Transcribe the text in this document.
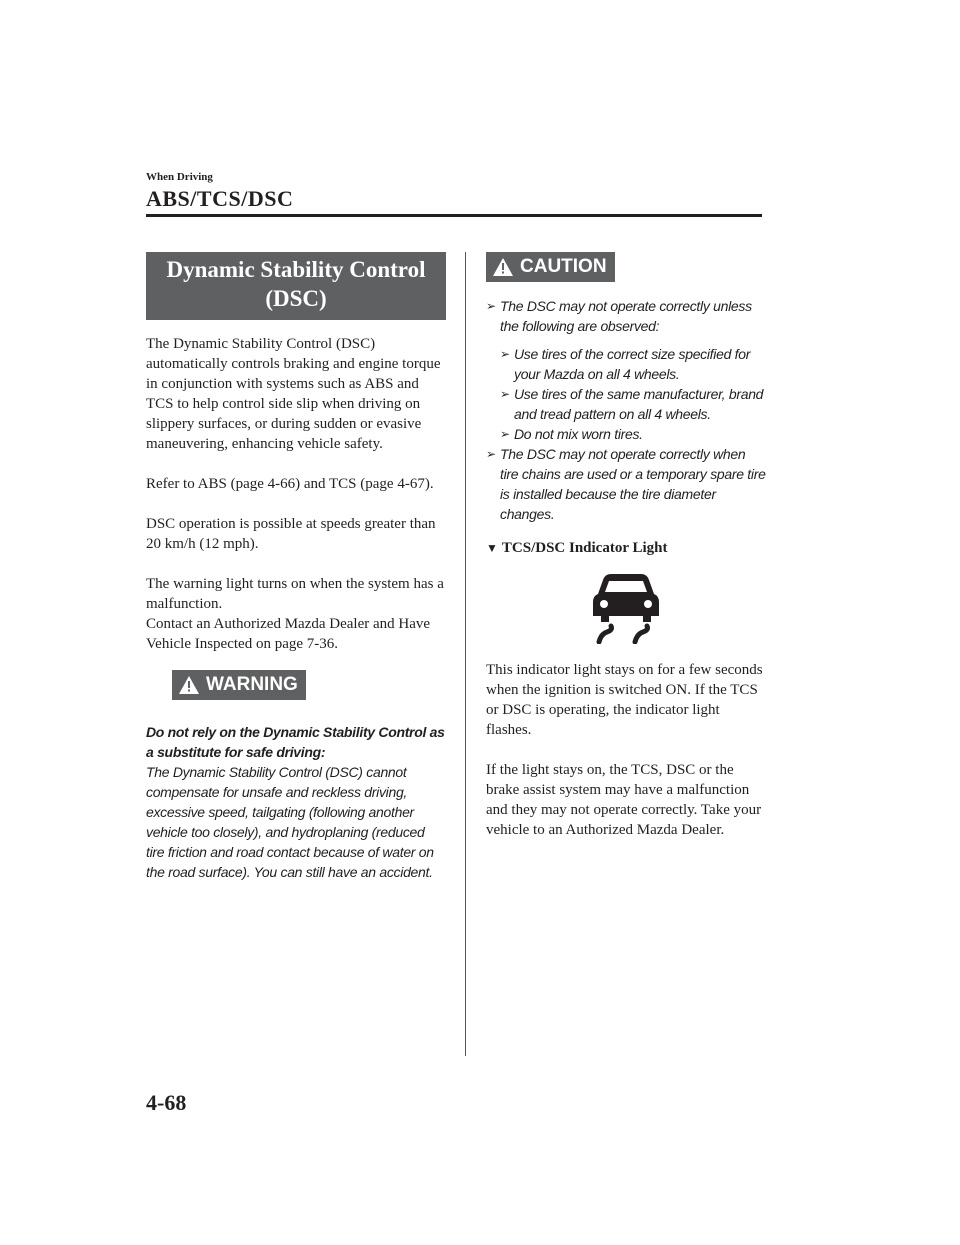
When Driving
ABS/TCS/DSC
Dynamic Stability Control (DSC)

The Dynamic Stability Control (DSC) automatically controls braking and engine torque in conjunction with systems such as ABS and TCS to help control side slip when driving on slippery surfaces, or during sudden or evasive maneuvering, enhancing vehicle safety.

Refer to ABS (page 4-66) and TCS (page 4-67).

DSC operation is possible at speeds greater than 20 km/h (12 mph).

The warning light turns on when the system has a malfunction.

Contact an Authorized Mazda Dealer and Have Vehicle Inspected on page 7-36.

WARNING
Do not rely on the Dynamic Stability Control as a substitute for safe driving:
The Dynamic Stability Control (DSC) cannot compensate for unsafe and reckless driving, excessive speed, tailgating (following another vehicle too closely), and hydroplaning (reduced tire friction and road contact because of water on the road surface). You can still have an accident.
CAUTION
➢ The DSC may not operate correctly unless the following are observed:
➢ Use tires of the correct size specified for your Mazda on all 4 wheels.
➢ Use tires of the same manufacturer, brand and tread pattern on all 4 wheels.
➢ Do not mix worn tires.
➢ The DSC may not operate correctly when tire chains are used or a temporary spare tire is installed because the tire diameter changes.
▼ TCS/DSC Indicator Light

This indicator light stays on for a few seconds when the ignition is switched ON. If the TCS or DSC is operating, the indicator light flashes.

If the light stays on, the TCS, DSC or the brake assist system may have a malfunction and they may not operate correctly. Take your vehicle to an Authorized Mazda Dealer.

4-68
